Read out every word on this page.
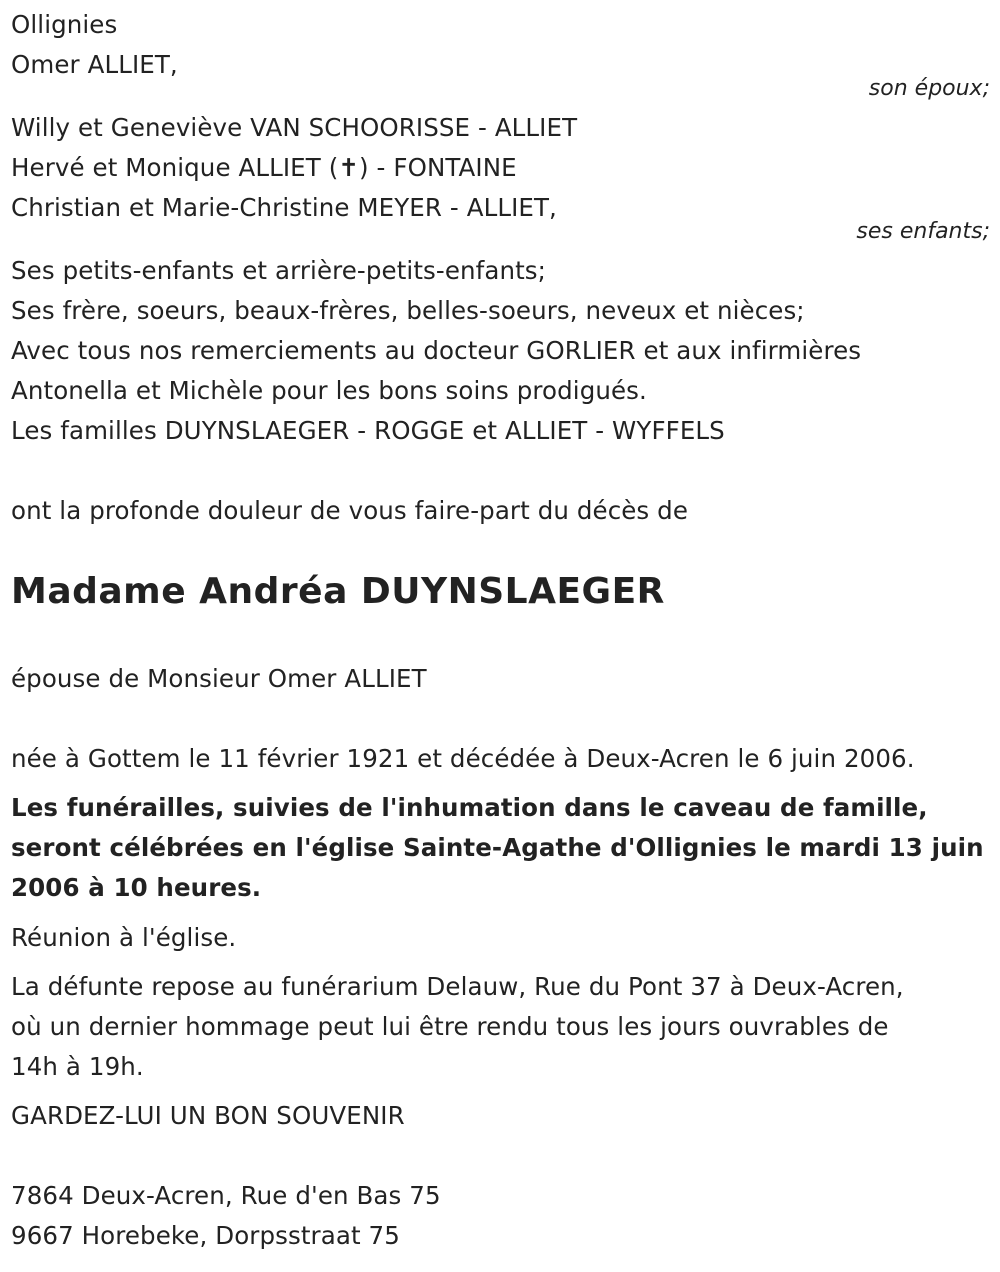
Ollignies
Omer ALLIET,
son époux;
Willy et Geneviève VAN SCHOORISSE - ALLIET
Hervé et Monique ALLIET (✝) - FONTAINE
Christian et Marie-Christine MEYER - ALLIET,
ses enfants;
Ses petits-enfants et arrière-petits-enfants;
Ses frère, soeurs, beaux-frères, belles-soeurs, neveux et nièces;
Avec tous nos remerciements au docteur GORLIER et aux infirmières
Antonella et Michèle pour les bons soins prodigués.
Les familles DUYNSLAEGER - ROGGE et ALLIET - WYFFELS
ont la profonde douleur de vous faire-part du décès de
Madame Andréa DUYNSLAEGER
épouse de Monsieur Omer ALLIET
née à Gottem le 11 février 1921 et décédée à Deux-Acren le 6 juin 2006.
Les funérailles, suivies de l'inhumation dans le caveau de famille,
seront célébrées en l'église Sainte-Agathe d'Ollignies le mardi 13 juin
2006 à 10 heures.
Réunion à l'église.
La défunte repose au funérarium Delauw, Rue du Pont 37 à Deux-Acren,
où un dernier hommage peut lui être rendu tous les jours ouvrables de
14h à 19h.
GARDEZ-LUI UN BON SOUVENIR
7864 Deux-Acren, Rue d'en Bas 75
9667 Horebeke, Dorpsstraat 75
